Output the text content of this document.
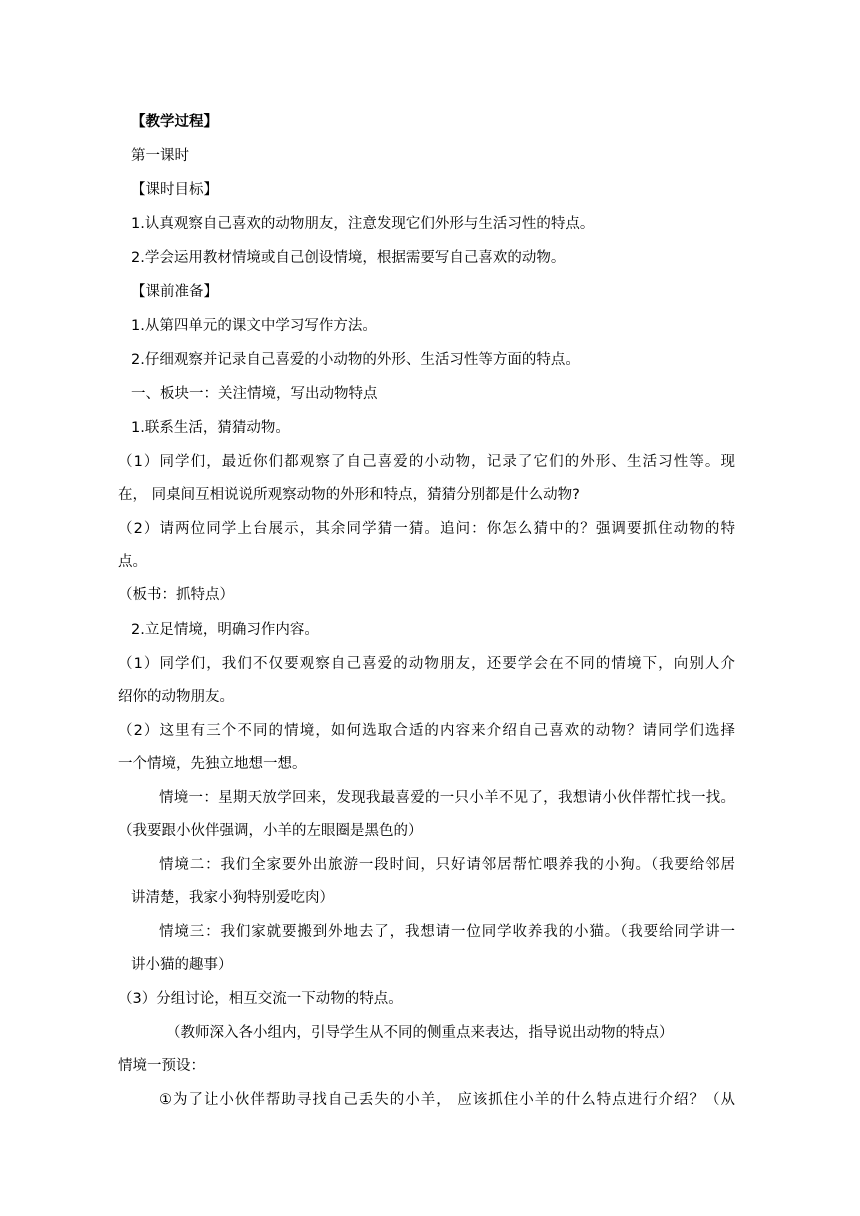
【教学过程】
第一课时
【课时目标】
1.认真观察自己喜欢的动物朋友，注意发现它们外形与生活习性的特点。
2.学会运用教材情境或自己创设情境，根据需要写自己喜欢的动物。
【课前准备】
1.从第四单元的课文中学习写作方法。
2.仔细观察并记录自己喜爱的小动物的外形、生活习性等方面的特点。
一、板块一：关注情境，写出动物特点
1.联系生活，猜猜动物。
（1）同学们，最近你们都观察了自己喜爱的小动物，记录了它们的外形、生活习性等。现
在， 同桌间互相说说所观察动物的外形和特点，猜猜分别都是什么动物?
（2）请两位同学上台展示，其余同学猜一猜。追问：你怎么猜中的？强调要抓住动物的特
点。
（板书：抓特点）
2.立足情境，明确习作内容。
（1）同学们，我们不仅要观察自己喜爱的动物朋友，还要学会在不同的情境下，向别人介
绍你的动物朋友。
（2）这里有三个不同的情境，如何选取合适的内容来介绍自己喜欢的动物？请同学们选择
一个情境，先独立地想一想。
情境一：星期天放学回来，发现我最喜爱的一只小羊不见了，我想请小伙伴帮忙找一找。
（我要跟小伙伴强调，小羊的左眼圈是黑色的）
情境二：我们全家要外出旅游一段时间，只好请邻居帮忙喂养我的小狗。（我要给邻居
讲清楚，我家小狗特别爱吃肉）
情境三：我们家就要搬到外地去了，我想请一位同学收养我的小猫。（我要给同学讲一
讲小猫的趣事）
（3）分组讨论，相互交流一下动物的特点。
（教师深入各小组内，引导学生从不同的侧重点来表达，指导说出动物的特点）
情境一预设：
①为了让小伙伴帮助寻找自己丢失的小羊， 应该抓住小羊的什么特点进行介绍？（从
